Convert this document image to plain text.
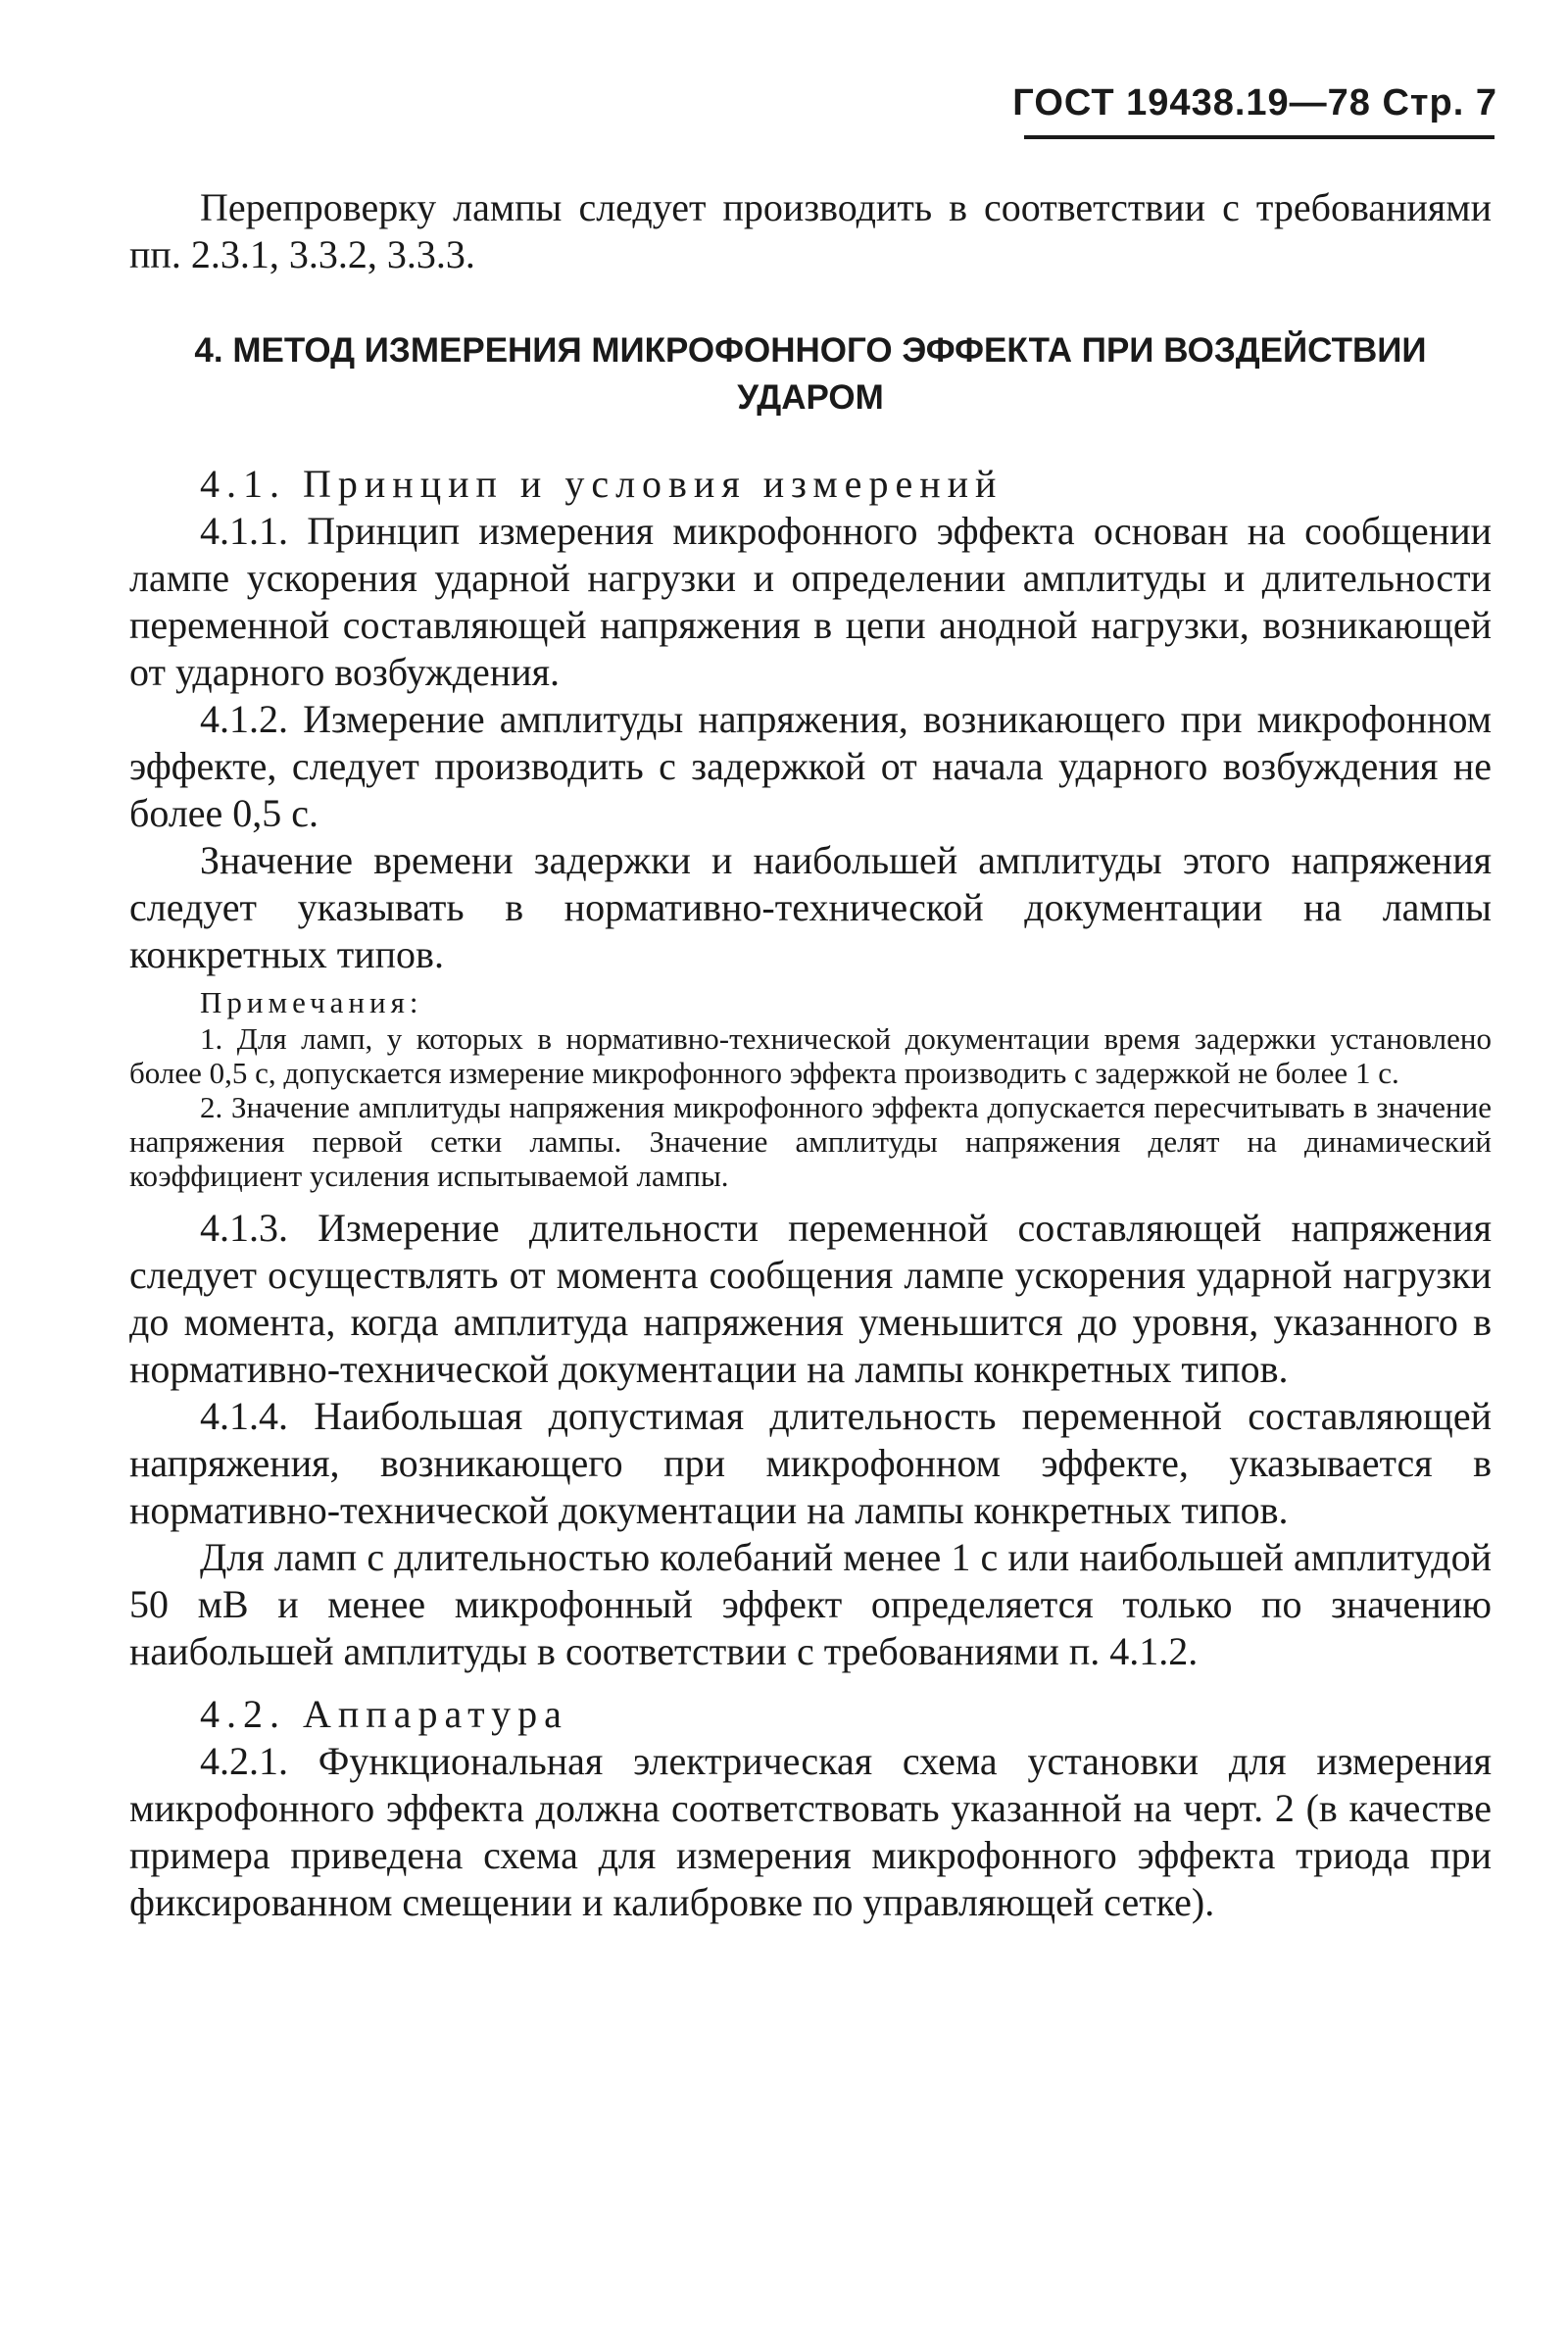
ГОСТ 19438.19—78 Стр. 7

Перепроверку лампы следует производить в соответствии с требованиями пп. 2.3.1, 3.3.2, 3.3.3.

4. МЕТОД ИЗМЕРЕНИЯ МИКРОФОННОГО ЭФФЕКТА ПРИ ВОЗДЕЙСТВИИ УДАРОМ

4.1. Принцип и условия измерений

4.1.1. Принцип измерения микрофонного эффекта основан на сообщении лампе ускорения ударной нагрузки и определении амплитуды и длительности переменной составляющей напряжения в цепи анодной нагрузки, возникающей от ударного возбуждения.

4.1.2. Измерение амплитуды напряжения, возникающего при микрофонном эффекте, следует производить с задержкой от начала ударного возбуждения не более 0,5 с.

Значение времени задержки и наибольшей амплитуды этого напряжения следует указывать в нормативно-технической документации на лампы конкретных типов.

Примечания:

1. Для ламп, у которых в нормативно-технической документации время задержки установлено более 0,5 с, допускается измерение микрофонного эффекта производить с задержкой не более 1 с.

2. Значение амплитуды напряжения микрофонного эффекта допускается пересчитывать в значение напряжения первой сетки лампы. Значение амплитуды напряжения делят на динамический коэффициент усиления испытываемой лампы.

4.1.3. Измерение длительности переменной составляющей напряжения следует осуществлять от момента сообщения лампе ускорения ударной нагрузки до момента, когда амплитуда напряжения уменьшится до уровня, указанного в нормативно-технической документации на лампы конкретных типов.

4.1.4. Наибольшая допустимая длительность переменной составляющей напряжения, возникающего при микрофонном эффекте, указывается в нормативно-технической документации на лампы конкретных типов.

Для ламп с длительностью колебаний менее 1 с или наибольшей амплитудой 50 мВ и менее микрофонный эффект определяется только по значению наибольшей амплитуды в соответствии с требованиями п. 4.1.2.

4.2. Аппаратура

4.2.1. Функциональная электрическая схема установки для измерения микрофонного эффекта должна соответствовать указанной на черт. 2 (в качестве примера приведена схема для измерения микрофонного эффекта триода при фиксированном смещении и калибровке по управляющей сетке).
